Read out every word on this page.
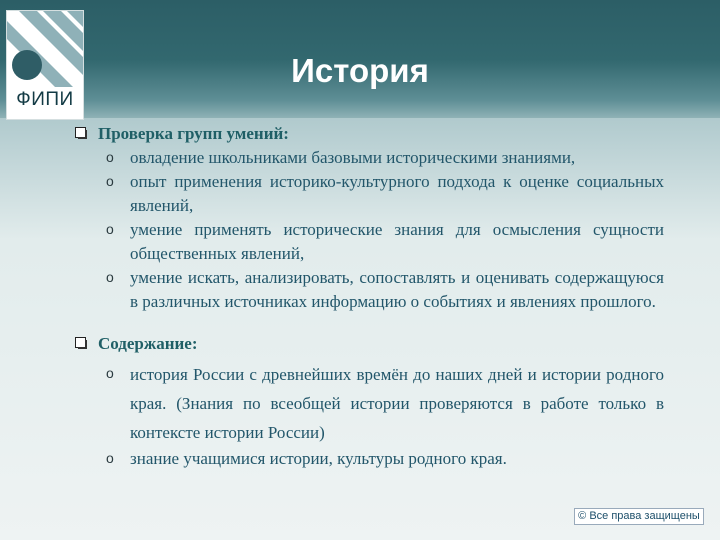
ФИПИ
История
Проверка групп умений:
o овладение школьниками базовыми историческими знаниями,
o опыт применения историко-культурного подхода к оценке социальных явлений,
o умение применять исторические знания для осмысления сущности общественных явлений,
o умение искать, анализировать, сопоставлять и оценивать содержащуюся в различных источниках информацию о событиях и явлениях прошлого.
Содержание:
o история России с древнейших времён до наших дней и истории родного края. (Знания по всеобщей истории проверяются в работе только в контексте истории России)
o знание учащимися истории, культуры родного края.
© Все права защищены
